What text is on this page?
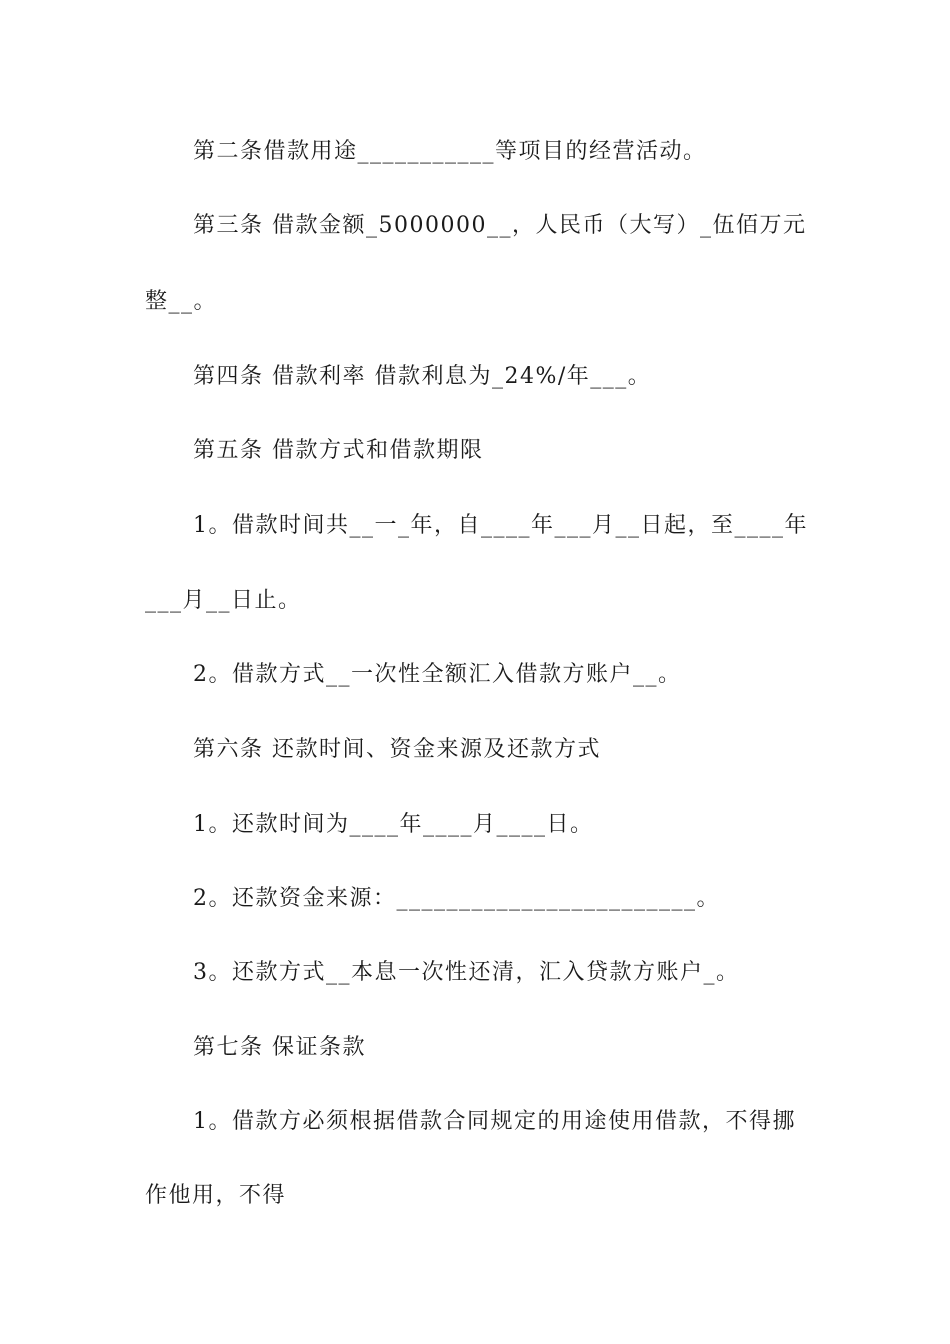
第二条借款用途___________等项目的经营活动。
第三条 借款金额_5000000__，人民币（大写）_伍佰万元
整__。
第四条 借款利率 借款利息为_24%/年___。
第五条 借款方式和借款期限
1。借款时间共__一_年，自____年___月__日起，至____年
___月__日止。
2。借款方式__一次性全额汇入借款方账户__。
第六条 还款时间、资金来源及还款方式
1。还款时间为____年____月____日。
2。还款资金来源：________________________。
3。还款方式__本息一次性还清，汇入贷款方账户_。
第七条 保证条款
1。借款方必须根据借款合同规定的用途使用借款，不得挪
作他用，不得
